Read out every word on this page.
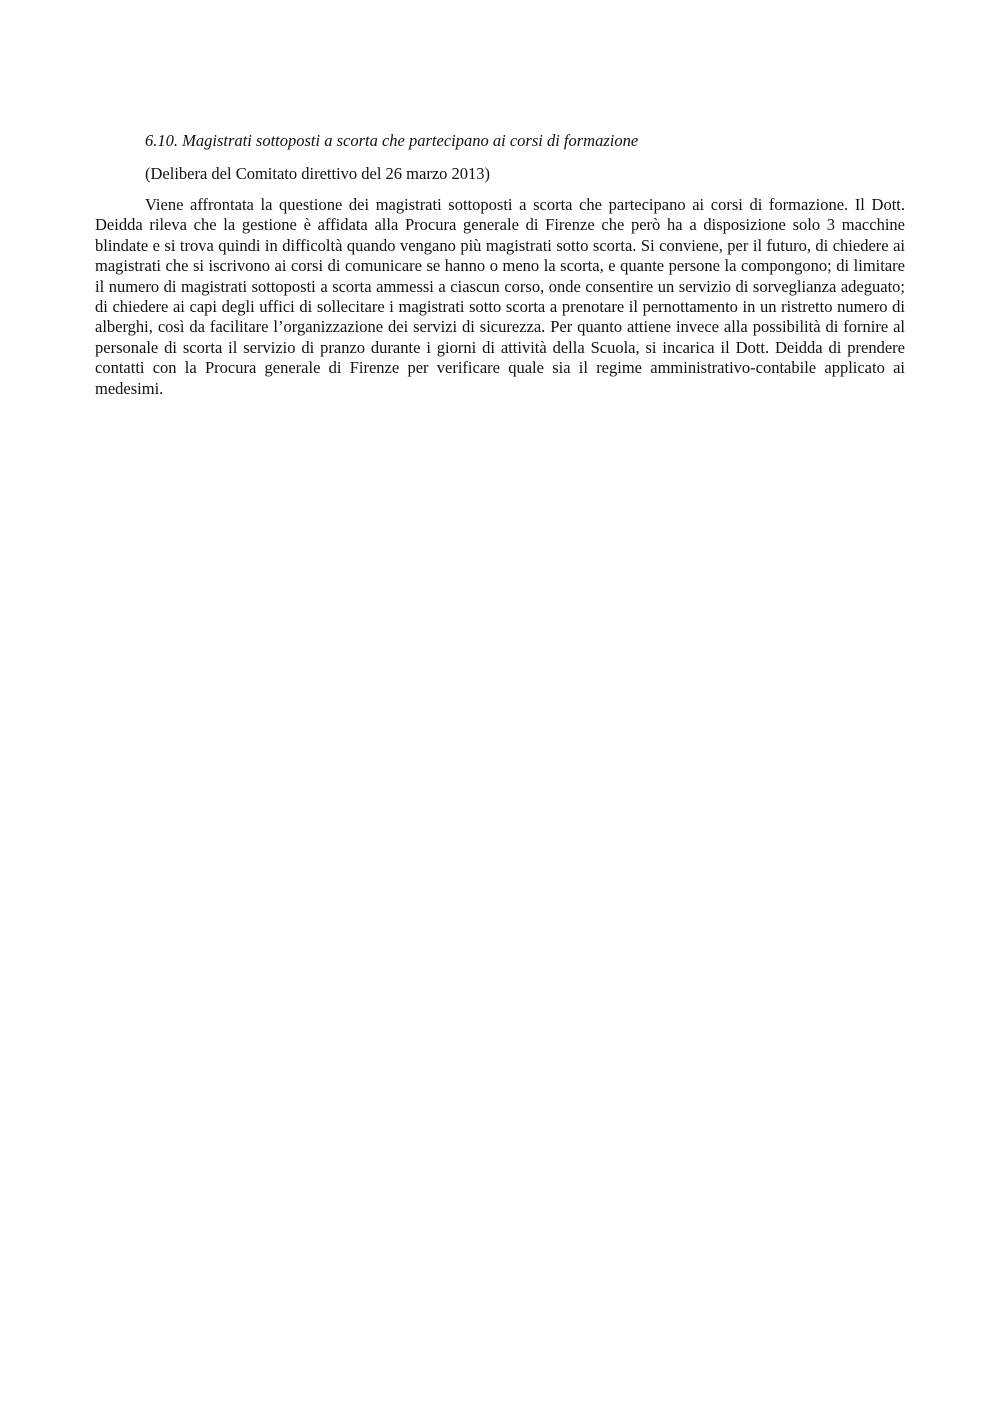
6.10. Magistrati sottoposti a scorta che partecipano ai corsi di formazione

(Delibera del Comitato direttivo del 26 marzo 2013)

Viene affrontata la questione dei magistrati sottoposti a scorta che partecipano ai corsi di formazione. Il Dott. Deidda rileva che la gestione è affidata alla Procura generale di Firenze che però ha a disposizione solo 3 macchine blindate e si trova quindi in difficoltà quando vengano più magistrati sotto scorta. Si conviene, per il futuro, di chiedere ai magistrati che si iscrivono ai corsi di comunicare se hanno o meno la scorta, e quante persone la compongono; di limitare il numero di magistrati sottoposti a scorta ammessi a ciascun corso, onde consentire un servizio di sorveglianza adeguato; di chiedere ai capi degli uffici di sollecitare i magistrati sotto scorta a prenotare il pernottamento in un ristretto numero di alberghi, così da facilitare l’organizzazione dei servizi di sicurezza. Per quanto attiene invece alla possibilità di fornire al personale di scorta il servizio di pranzo durante i giorni di attività della Scuola, si incarica il Dott. Deidda di prendere contatti con la Procura generale di Firenze per verificare quale sia il regime amministrativo-contabile applicato ai medesimi.
